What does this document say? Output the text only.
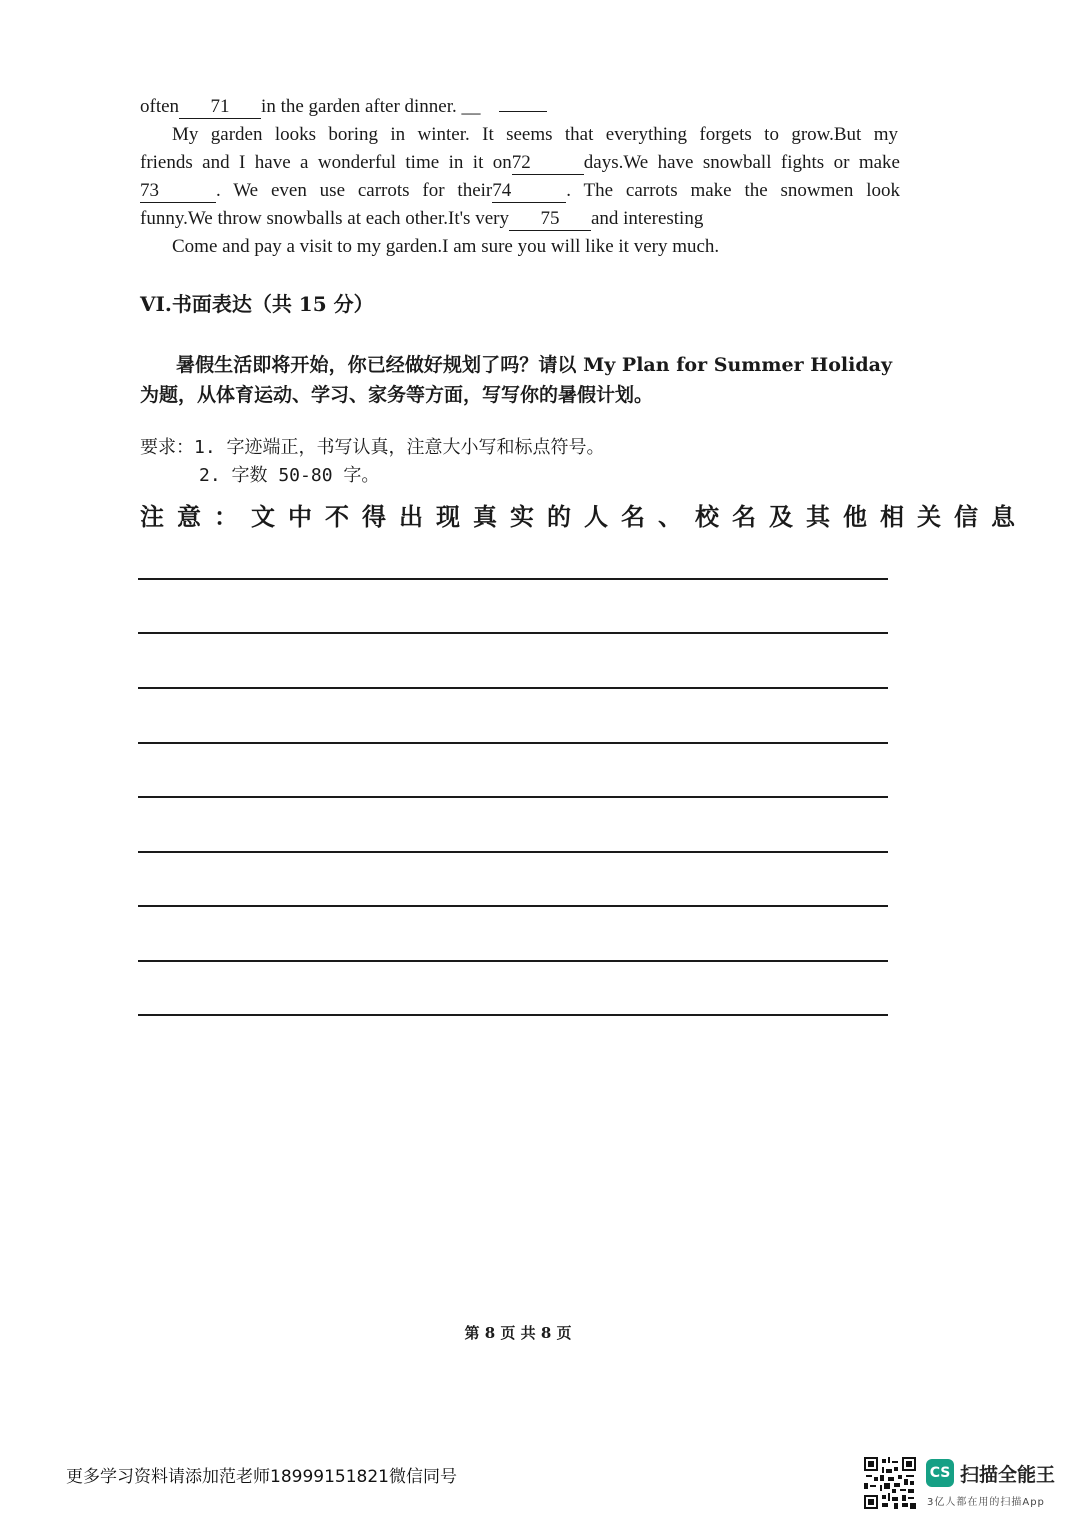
often 71 in the garden after dinner. __
My garden looks boring in winter. It seems that everything forgets to grow.But my
friends and I have a wonderful time in it on72	days.We have snowball fights or make
73	. We even use carrots for their74	. The carrots make the snowmen look
funny.We throw snowballs at each other.It's very 75 and interesting
Come and pay a visit to my garden.I am sure you will like it very much.
VI.书面表达（共 15 分）
暑假生活即将开始，你已经做好规划了吗？请以 My Plan for Summer Holiday
为题，从体育运动、学习、家务等方面，写写你的暑假计划。
要求：1. 字迹端正，书写认真，注意大小写和标点符号。
2. 字数 50-80 字。
注意：文中不得出现真实的人名、校名及其他相关信息
第 8 页 共 8 页
更多学习资料请添加范老师18999151821微信同号	CS 扫描全能王
3亿人都在用的扫描App
